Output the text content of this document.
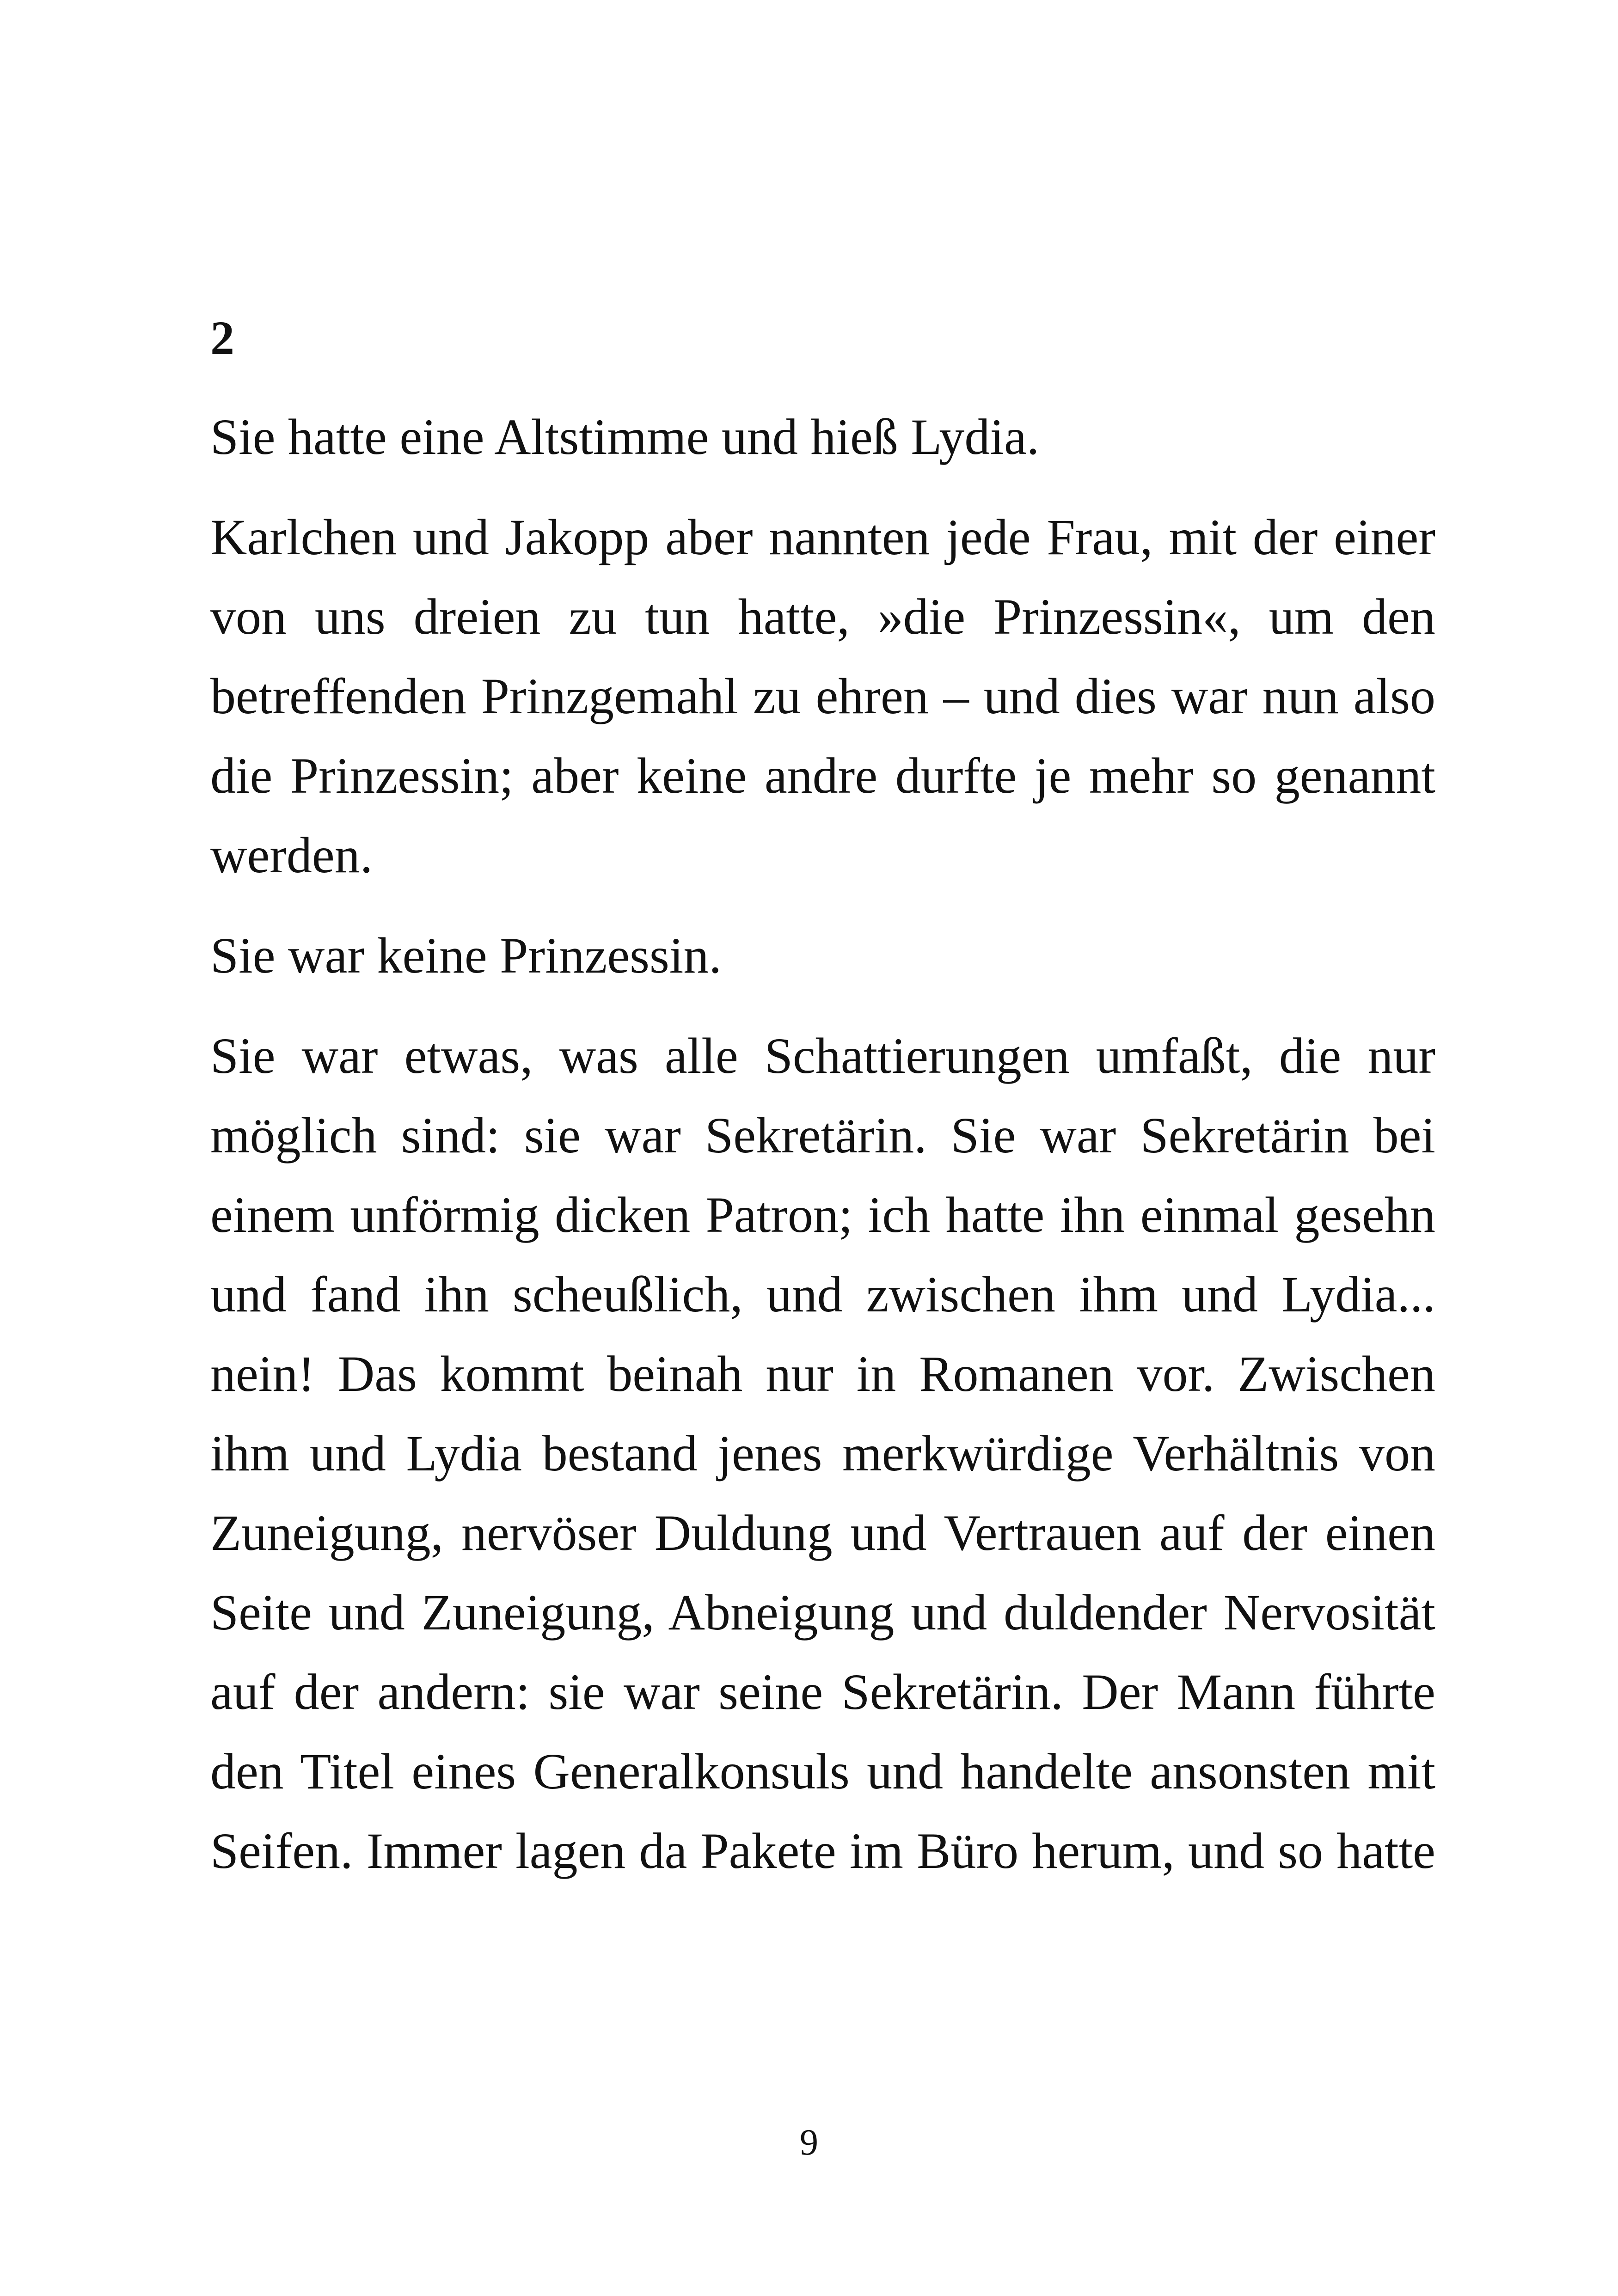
2

Sie hatte eine Altstimme und hieß Lydia.

Karlchen und Jakopp aber nannten jede Frau, mit der einer von uns dreien zu tun hatte, »die Prinzessin«, um den betreffenden Prinzgemahl zu ehren – und dies war nun also die Prinzessin; aber keine andre durfte je mehr so genannt werden.

Sie war keine Prinzessin.

Sie war etwas, was alle Schattierungen umfaßt, die nur möglich sind: sie war Sekretärin. Sie war Sekretärin bei einem unförmig dicken Patron; ich hatte ihn einmal gesehn und fand ihn scheußlich, und zwischen ihm und Lydia... nein! Das kommt beinah nur in Romanen vor. Zwischen ihm und Lydia bestand jenes merkwürdige Verhältnis von Zuneigung, nervöser Duldung und Vertrauen auf der einen Seite und Zuneigung, Abneigung und duldender Nervosität auf der andern: sie war seine Sekretärin. Der Mann führte den Titel eines Generalkonsuls und handelte ansonsten mit Seifen. Immer lagen da Pakete im Büro herum, und so hatte

9
